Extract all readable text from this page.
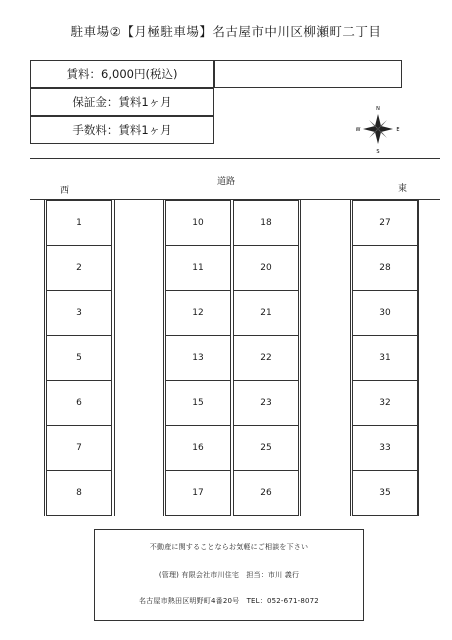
駐車場②【月極駐車場】名古屋市中川区柳瀬町二丁目
賃料：6,000円(税込)
保証金：賃料1ヶ月
手数料：賃料1ヶ月
N
S
E
W
西
道路
東
1
2
3
5
6
7
8
10
11
12
13
15
16
17
18
20
21
22
23
25
26
27
28
30
31
32
33
35

不動産に関することならお気軽にご相談を下さい

(管理) 有限会社市川住宅　担当：市川 義行

名古屋市熱田区明野町4番20号　TEL：052-671-8072
